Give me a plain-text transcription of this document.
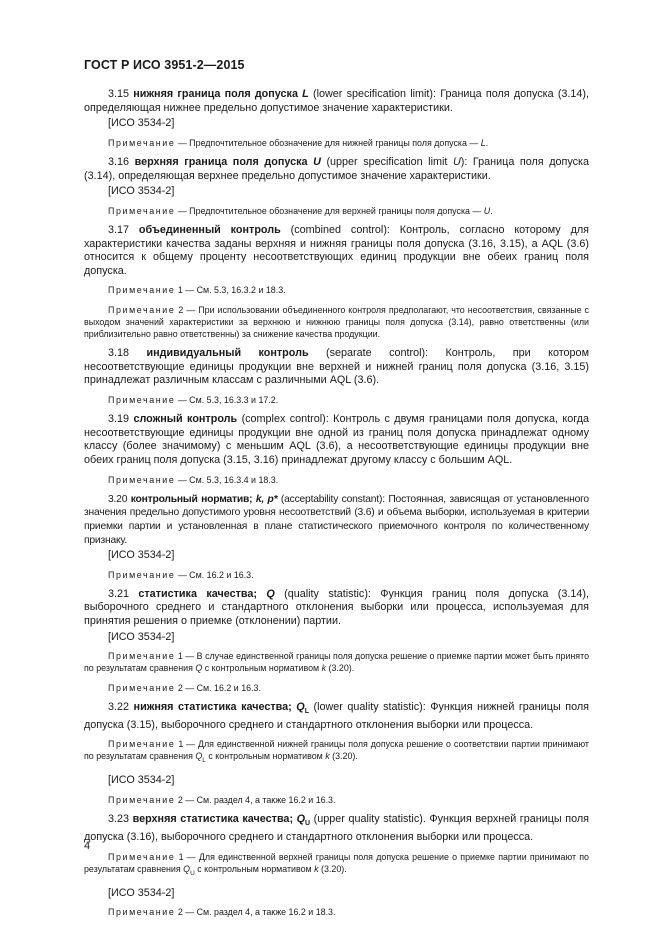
ГОСТ Р ИСО 3951-2—2015

3.15 нижняя граница поля допуска L (lower specification limit): Граница поля допуска (3.14), определяющая нижнее предельно допустимое значение характеристики.

[ИСО 3534-2]

Примечание — Предпочтительное обозначение для нижней границы поля допуска — L.

3.16 верхняя граница поля допуска U (upper specification limit U): Граница поля допуска (3.14), определяющая верхнее предельно допустимое значение характеристики.

[ИСО 3534-2]

Примечание — Предпочтительное обозначение для верхней границы поля допуска — U.

3.17 объединенный контроль (combined control): Контроль, согласно которому для характеристики качества заданы верхняя и нижняя границы поля допуска (3.16, 3.15), а AQL (3.6) относится к общему проценту несоответствующих единиц продукции вне обеих границ поля допуска.

Примечание 1 — См. 5.3, 16.3.2 и 18.3.

Примечание 2 — При использовании объединенного контроля предполагают, что несоответствия, связанные с выходом значений характеристики за верхнюю и нижнюю границы поля допуска (3.14), равно ответственны (или приблизительно равно ответственны) за снижение качества продукции.

3.18 индивидуальный контроль (separate control): Контроль, при котором несоответствующие единицы продукции вне верхней и нижней границ поля допуска (3.16, 3.15) принадлежат различным классам с различными AQL (3.6).

Примечание — См. 5.3, 16.3.3 и 17.2.

3.19 сложный контроль (complex control): Контроль с двумя границами поля допуска, когда несоответствующие единицы продукции вне одной из границ поля допуска принадлежат одному классу (более значимому) с меньшим AQL (3.6), а несоответствующие единицы продукции вне обеих границ поля допуска (3.15, 3.16) принадлежат другому классу с большим AQL.

Примечание — См. 5.3, 16.3.4 и 18.3.

3.20 контрольный норматив; k, p* (acceptability constant): Постоянная, зависящая от установленного значения предельно допустимого уровня несоответствий (3.6) и объема выборки, используемая в критерии приемки партии и установленная в плане статистического приемочного контроля по количественному признаку.

[ИСО 3534-2]

Примечание — См. 16.2 и 16.3.

3.21 статистика качества; Q (quality statistic): Функция границ поля допуска (3.14), выборочного среднего и стандартного отклонения выборки или процесса, используемая для принятия решения о приемке (отклонении) партии.

[ИСО 3534-2]

Примечание 1 — В случае единственной границы поля допуска решение о приемке партии может быть принято по результатам сравнения Q с контрольным нормативом k (3.20).

Примечание 2 — См. 16.2 и 16.3.

3.22 нижняя статистика качества; $Q_L$ (lower quality statistic): Функция нижней границы поля допуска (3.15), выборочного среднего и стандартного отклонения выборки или процесса.

Примечание 1 — Для единственной нижней границы поля допуска решение о соответствии партии принимают по результатам сравнения $Q_L$ с контрольным нормативом k (3.20).

[ИСО 3534-2]

Примечание 2 — См. раздел 4, а также 16.2 и 16.3.

3.23 верхняя статистика качества; $Q_U$ (upper quality statistic). Функция верхней границы поля допуска (3.16), выборочного среднего и стандартного отклонения выборки или процесса.

Примечание 1 — Для единственной верхней границы поля допуска решение о приемке партии принимают по результатам сравнения $Q_U$ с контрольным нормативом k (3.20).

[ИСО 3534-2]

Примечание 2 — См. раздел 4, а также 16.2 и 18.3.

4
